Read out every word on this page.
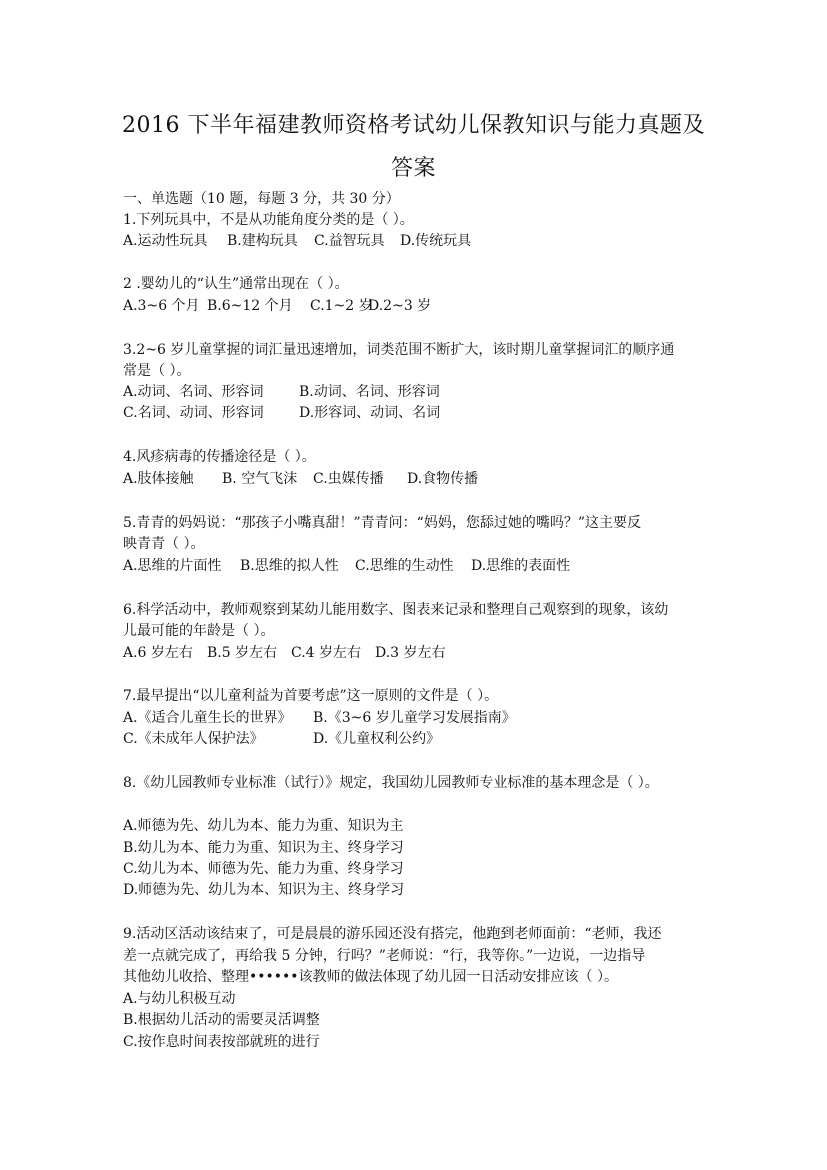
2016 下半年福建教师资格考试幼儿保教知识与能力真题及
答案
一、单选题（10 题，每题 3 分，共 30 分）
1.下列玩具中，不是从功能角度分类的是（ ）。
A.运动性玩具 B.建构玩具 C.益智玩具 D.传统玩具
2 .婴幼儿的“认生”通常出现在（ ）。
A.3~6 个月 B.6~12 个月 C.1~2 岁
D.2~3 岁
3.2~6 岁儿童掌握的词汇量迅速增加，词类范围不断扩大，该时期儿童掌握词汇的顺序通
常是（ ）。
A.动词、名词、形容词	B.动词、名词、形容词
C.名词、动词、形容词	D.形容词、动词、名词
4.风疹病毒的传播途径是（ ）。
A.肢体接触 B. 空气飞沫 C.虫媒传播 D.食物传播
5.青青的妈妈说：“那孩子小嘴真甜！”青青问：“妈妈，您舔过她的嘴吗？”这主要反
映青青（ ）。
A.思维的片面性 B.思维的拟人性 C.思维的生动性 D.思维的表面性
6.科学活动中，教师观察到某幼儿能用数字、图表来记录和整理自己观察到的现象，该幼
儿最可能的年龄是（ ）。
A.6 岁左右 B.5 岁左右 C.4 岁左右 D.3 岁左右
7.最早提出“以儿童利益为首要考虑”这一原则的文件是（ ）。
A.《适合儿童生长的世界》 B.《3~6 岁儿童学习发展指南》
C.《未成年人保护法》	D.《儿童权利公约》
8.《幼儿园教师专业标准（试行）》规定，我国幼儿园教师专业标准的基本理念是（ ）。
A.师德为先、幼儿为本、能力为重、知识为主
B.幼儿为本、能力为重、知识为主、终身学习
C.幼儿为本、师德为先、能力为重、终身学习
D.师德为先、幼儿为本、知识为主、终身学习
9.活动区活动该结束了，可是晨晨的游乐园还没有搭完，他跑到老师面前：“老师，我还
差一点就完成了，再给我 5 分钟，行吗？”老师说：“行，我等你。”一边说，一边指导
其他幼儿收拾、整理••••••该教师的做法体现了幼儿园一日活动安排应该（ ）。
A.与幼儿积极互动
B.根据幼儿活动的需要灵活调整
C.按作息时间表按部就班的进行
